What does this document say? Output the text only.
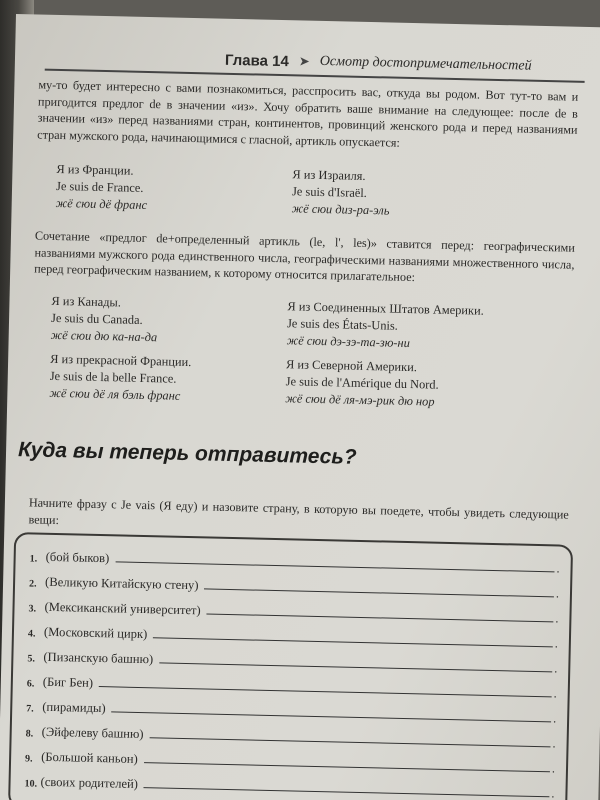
Глава 14 ➤ Осмотр достопримечательностей
му-то будет интересно с вами познакомиться, расспросить вас, откуда вы родом. Вот тут-то вам и пригодится предлог de в значении «из». Хочу обратить ваше внимание на следующее: после de в значении «из» перед названиями стран, континентов, провинций женского рода и перед названиями стран мужского рода, начинающимися с гласной, артикль опускается:
Я из Франции.
Je suis de France.
жё сюи дё франс
Я из Израиля.
Je suis d'Israël.
жё сюи диз-ра-эль
Сочетание «предлог de+определенный артикль (le, l', les)» ставится перед: географическими названиями мужского рода единственного числа, географическими названиями множественного числа, перед географическим названием, к которому относится прилагательное:
Я из Канады.
Je suis du Canada.
жё сюи дю ка-на-да
Я из Соединенных Штатов Америки.
Je suis des États-Unis.
жё сюи дэ-зэ-та-зю-ни
Я из прекрасной Франции.
Je suis de la belle France.
жё сюи дё ля бэль франс
Я из Северной Америки.
Je suis de l'Amérique du Nord.
жё сюи дё ля-мэ-рик дю нор
Куда вы теперь отправитесь?
Начните фразу с Je vais (Я еду) и назовите страну, в которую вы поедете, чтобы увидеть следующие вещи:
1. (бой быков)
.
2. (Великую Китайскую стену)
.
3. (Мексиканский университет)
.
4. (Московский цирк)
.
5. (Пизанскую башню)
.
6. (Биг Бен)
.
7. (пирамиды)
.
8. (Эйфелеву башню)
.
9. (Большой каньон)
.
10. (своих родителей)
.
